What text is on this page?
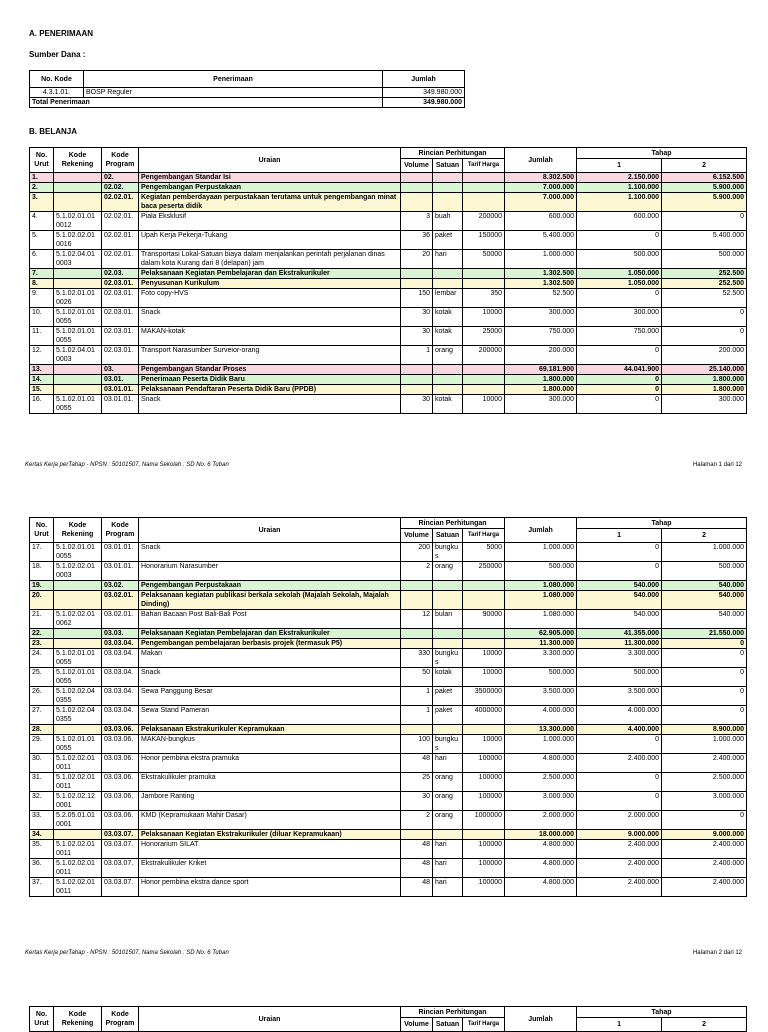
A. PENERIMAAN
Sumber Dana :
No. Kode	Penerimaan	Jumlah
4.3.1.01.	BOSP Reguler	349.980.000
Total Penerimaan		349.980.000
B. BELANJA
No. Urut	Kode Rekening	Kode Program	Uraian	Rincian Perhitungan			Jumlah	Tahap	
				Volume	Satuan	Tarif Harga		1	2
1.		02.	Pengembangan Standar Isi				8.302.500	2.150.000	6.152.500
2.		02.02.	Pengembangan Perpustakaan				7.000.000	1.100.000	5.900.000
3.		02.02.01.	Kegiatan pemberdayaan perpustakaan terutama untuk pengembangan minat baca peserta didik				7.000.000	1.100.000	5.900.000
4.	5.1.02.01.01 0012	02.02.01.	Piala Eksklusif	3	buah	200000	600.000	600.000	0
5.	5.1.02.02.01 0016	02.02.01.	Upah Kerja Pekerja-Tukang	36	paket	150000	5.400.000	0	5.400.000
6.	5.1.02.04.01 0003	02.02.01.	Transportasi Lokal-Satuan biaya dalam menjalankan perintah perjalanan dinas dalam kota Kurang dari 8 (delapan) jam	20	hari	50000	1.000.000	500.000	500.000
7.		02.03.	Pelaksanaan Kegiatan Pembelajaran dan Ekstrakurikuler				1.302.500	1.050.000	252.500
8.		02.03.01.	Penyusunan Kurikulum				1.302.500	1.050.000	252.500
9.	5.1.02.01.01 0026	02.03.01.	Foto copy-HVS	150	lembar	350	52.500	0	52.500
10.	5.1.02.01.01 0055	02.03.01.	Snack	30	kotak	10000	300.000	300.000	0
11.	5.1.02.01.01 0055	02.03.01.	MAKAN-kotak	30	kotak	25000	750.000	750.000	0
12.	5.1.02.04.01 0003	02.03.01.	Transport Narasumber Surveior-orang	1	orang	200000	200.000	0	200.000
13.		03.	Pengembangan Standar Proses				69.181.900	44.041.900	25.140.000
14.		03.01.	Penerimaan Peserta Didik Baru				1.800.000	0	1.800.000
15.		03.01.01.	Pelaksanaan Pendaftaran Peserta Didik Baru (PPDB)				1.800.000	0	1.800.000
16.	5.1.02.01.01 0055	03.01.01.	Snack	30	kotak	10000	300.000	0	300.000
Kertas Kerja perTahap - NPSN : 50101507, Nama Sekolah : SD No. 6 Tuban	Halaman 1 dari 12
No. Urut	Kode Rekening	Kode Program	Uraian	Rincian Perhitungan			Jumlah	Tahap	
				Volume	Satuan	Tarif Harga		1	2
17.	5.1.02.01.01 0055	03.01.01.	Snack	200	bungku s	5000	1.000.000	0	1.000.000
18.	5.1.02.02.01 0003	03.01.01.	Honorarium Narasumber	2	orang	250000	500.000	0	500.000
19.		03.02.	Pengembangan Perpustakaan				1.080.000	540.000	540.000
20.		03.02.01.	Pelaksanaan kegiatan publikasi berkala sekolah (Majalah Sekolah, Majalah Dinding)				1.080.000	540.000	540.000
21.	5.1.02.02.01 0062	03.02.01.	Bahan Bacaan Post Bali-Bali Post	12	bulan	90000	1.080.000	540.000	540.000
22.		03.03.	Pelaksanaan Kegiatan Pembelajaran dan Ekstrakurikuler				62.905.000	41.355.000	21.550.000
23.		03.03.04.	Pengembangan pembelajaran berbasis projek (termasuk P5)				11.300.000	11.300.000	0
24.	5.1.02.01.01 0055	03.03.04.	Makan	330	bungku s	10000	3.300.000	3.300.000	0
25.	5.1.02.01.01 0055	03.03.04.	Snack	50	kotak	10000	500.000	500.000	0
26.	5.1.02.02.04 0355	03.03.04.	Sewa Panggung Besar	1	paket	3500000	3.500.000	3.500.000	0
27.	5.1.02.02.04 0355	03.03.04.	Sewa Stand Pameran	1	paket	4000000	4.000.000	4.000.000	0
28.		03.03.06.	Pelaksanaan Ekstrakurikuler Kepramukaan				13.300.000	4.400.000	8.900.000
29.	5.1.02.01.01 0055	03.03.06.	MAKAN-bungkus	100	bungku s	10000	1.000.000	0	1.000.000
30.	5.1.02.02.01 0011	03.03.06.	Honor pembina ekstra pramuka	48	hari	100000	4.800.000	2.400.000	2.400.000
31.	5.1.02.02.01 0011	03.03.06.	Ekstrakulikuler pramuka	25	orang	100000	2.500.000	0	2.500.000
32.	5.1.02.02.12 0001	03.03.06.	Jambore Ranting	30	orang	100000	3.000.000	0	3.000.000
33.	5.2.05.01.01 0001	03.03.06.	KMD (Kepramukaan Mahir Dasar)	2	orang	1000000	2.000.000	2.000.000	0
34.		03.03.07.	Pelaksanaan Kegiatan Ekstrakurikuler (diluar Kepramukaan)				18.000.000	9.000.000	9.000.000
35.	5.1.02.02.01 0011	03.03.07.	Honorarium SILAT	48	hari	100000	4.800.000	2.400.000	2.400.000
36.	5.1.02.02.01 0011	03.03.07.	Ekstrakulikuler Kriket	48	hari	100000	4.800.000	2.400.000	2.400.000
37.	5.1.02.02.01 0011	03.03.07.	Honor pembina ekstra dance sport	48	hari	100000	4.800.000	2.400.000	2.400.000
Kertas Kerja perTahap - NPSN : 50101507, Nama Sekolah : SD No. 6 Tuban	Halaman 2 dari 12
No. Urut	Kode Rekening	Kode Program	Uraian	Rincian Perhitungan			Jumlah	Tahap	
				Volume	Satuan	Tarif Harga		1	2
